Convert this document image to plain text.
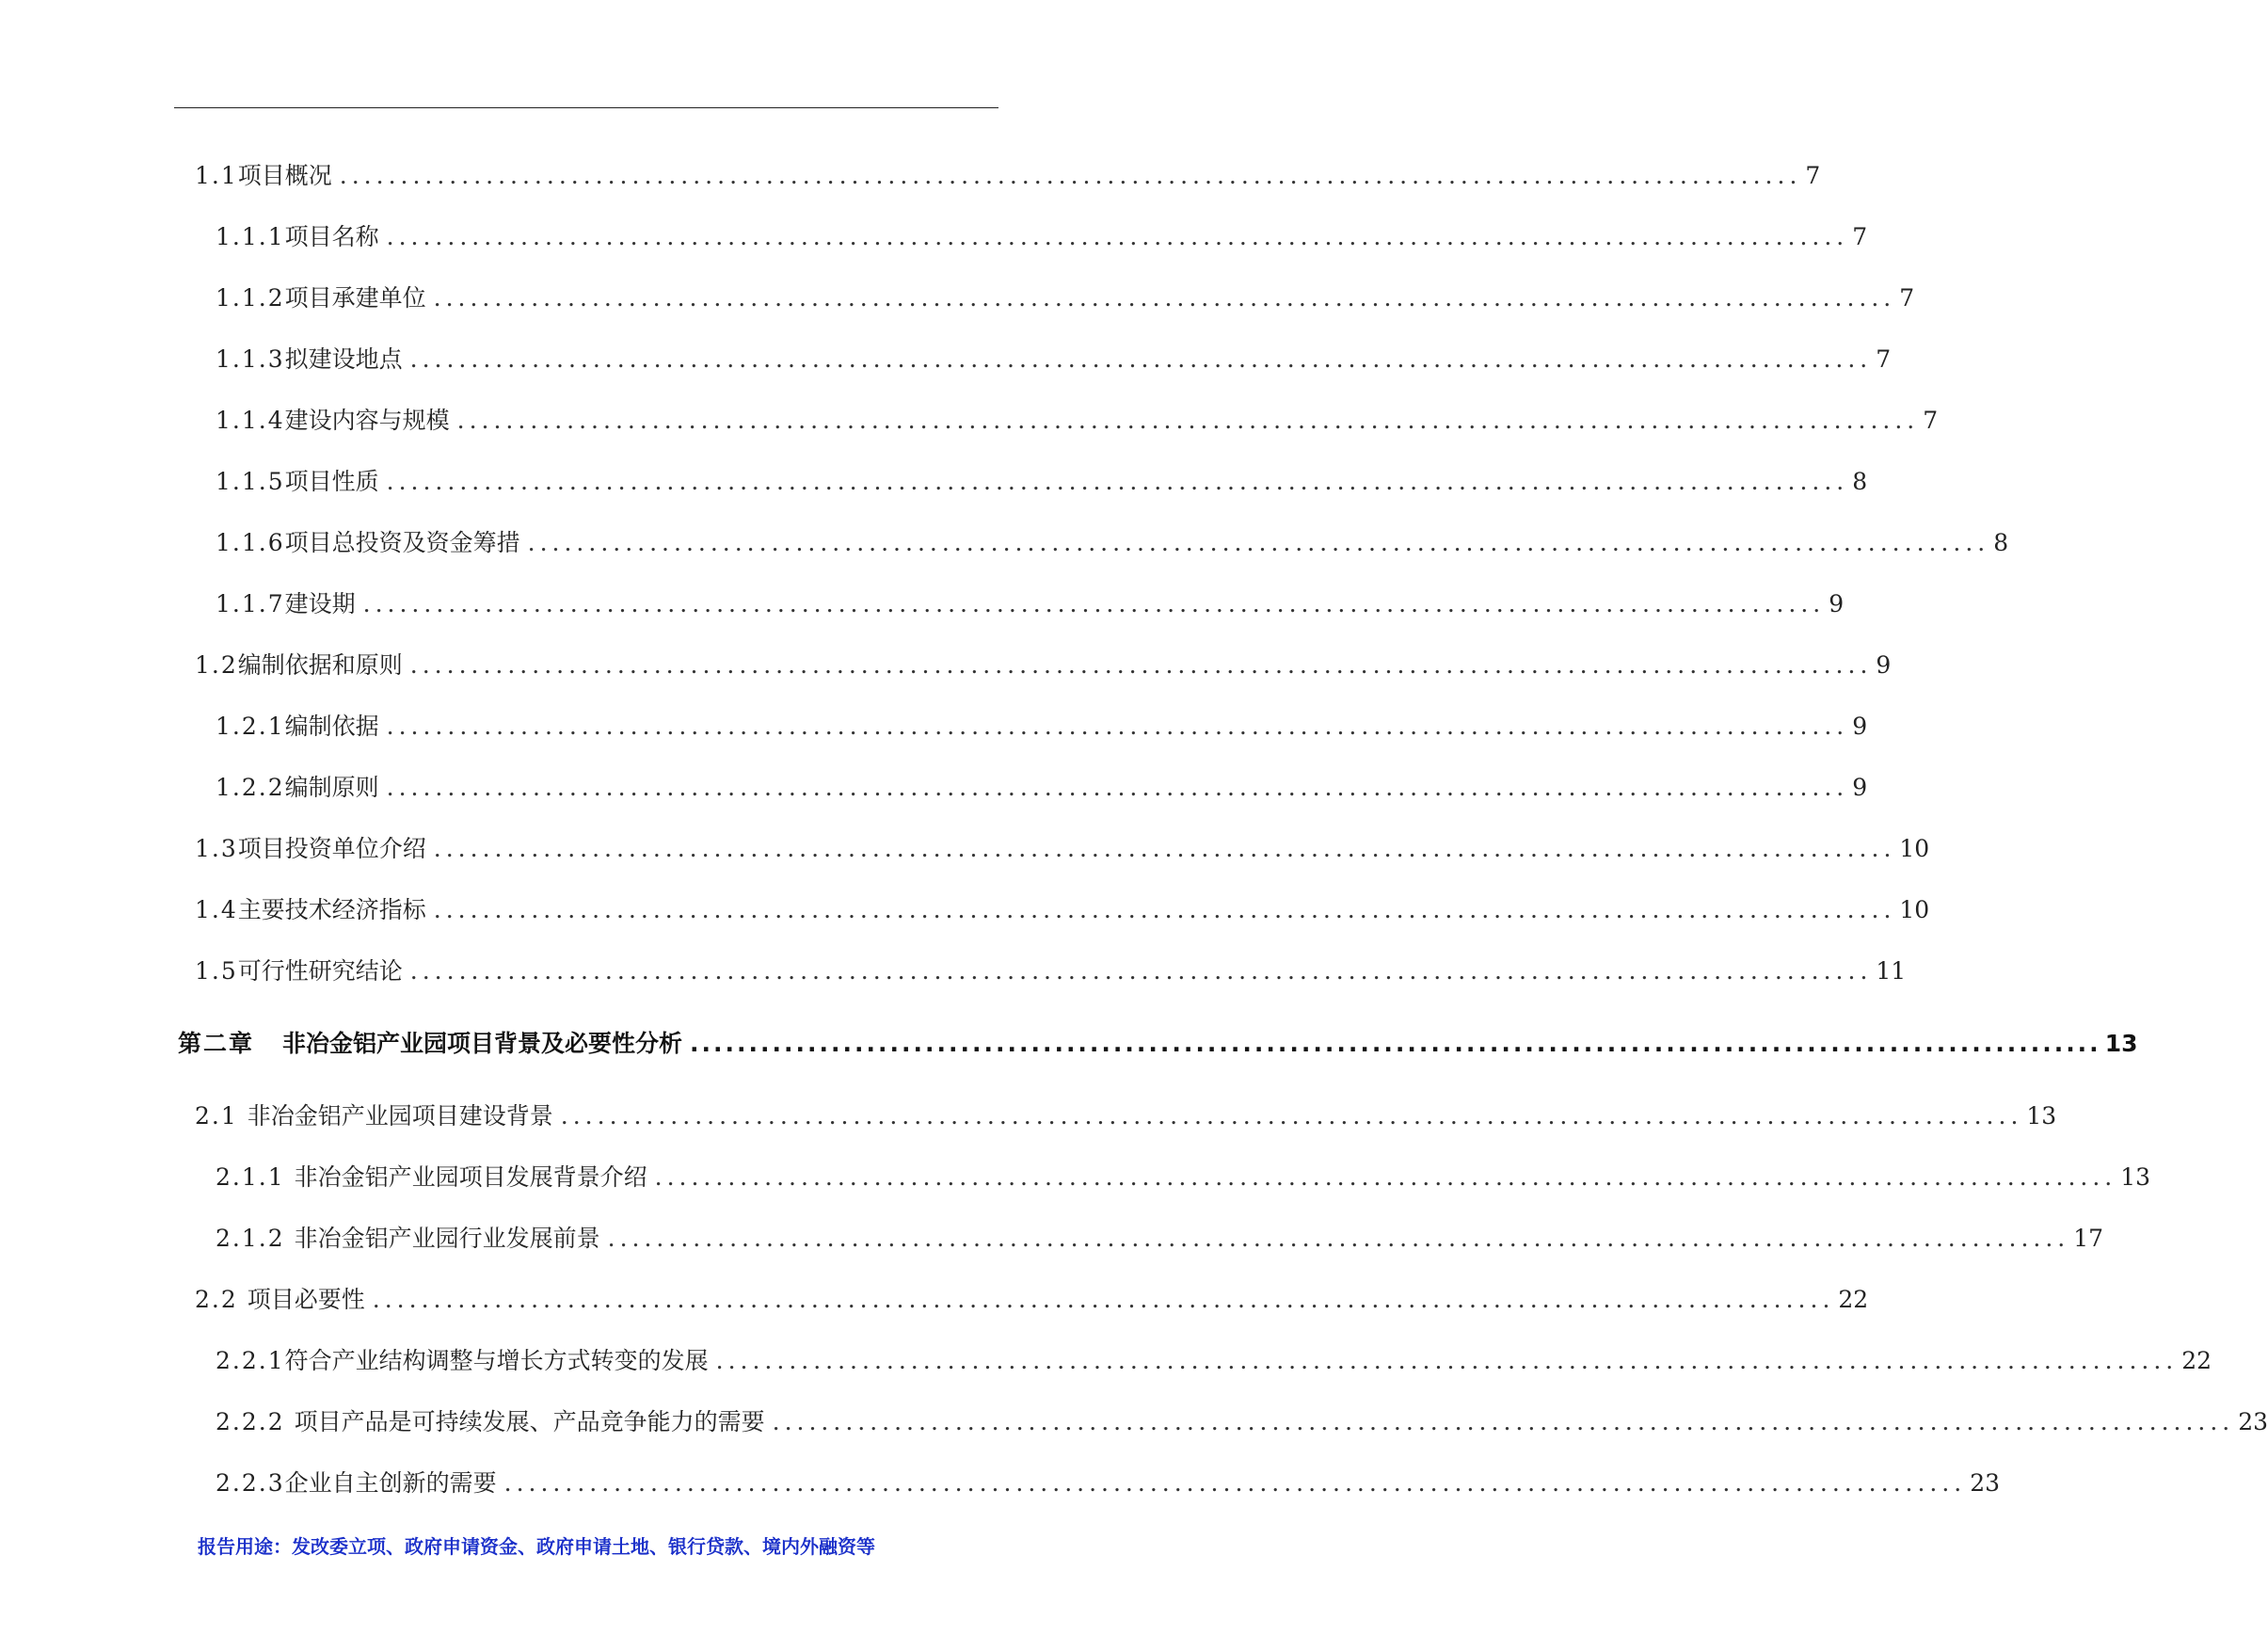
1.1 项目概况 ........................................................................................................................ 7
1.1.1 项目名称 ........................................................................................................................ 7
1.1.2 项目承建单位 ........................................................................................................................ 7
1.1.3 拟建设地点 ........................................................................................................................ 7
1.1.4 建设内容与规模 ........................................................................................................................ 7
1.1.5 项目性质 ........................................................................................................................ 8
1.1.6 项目总投资及资金筹措 ........................................................................................................................ 8
1.1.7 建设期 ........................................................................................................................ 9
1.2 编制依据和原则 ........................................................................................................................ 9
1.2.1 编制依据 ........................................................................................................................ 9
1.2.2 编制原则 ........................................................................................................................ 9
1.3 项目投资单位介绍 ........................................................................................................................ 10
1.4 主要技术经济指标 ........................................................................................................................ 10
1.5 可行性研究结论 ........................................................................................................................ 11
第二章 非冶金铝产业园项目背景及必要性分析 ........................................................................................................................ 13
2.1 非冶金铝产业园项目建设背景 ........................................................................................................................ 13
2.1.1 非冶金铝产业园项目发展背景介绍 ........................................................................................................................ 13
2.1.2 非冶金铝产业园行业发展前景 ........................................................................................................................ 17
2.2 项目必要性 ........................................................................................................................ 22
2.2.1 符合产业结构调整与增长方式转变的发展 ........................................................................................................................ 22
2.2.2 项目产品是可持续发展、产品竞争能力的需要 ........................................................................................................................ 23
2.2.3 企业自主创新的需要 ........................................................................................................................ 23
报告用途：发改委立项、政府申请资金、政府申请土地、银行贷款、境内外融资等
